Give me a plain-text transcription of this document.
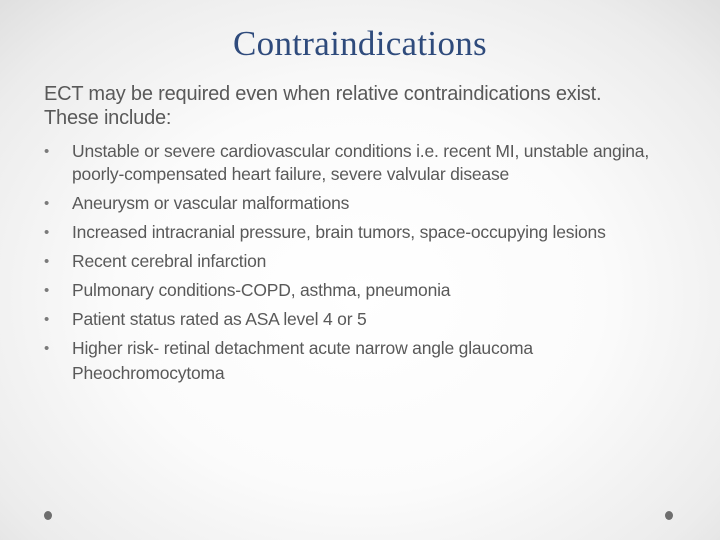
Contraindications

ECT may be required even when relative contraindications exist.
These include:

• Unstable or severe cardiovascular conditions i.e. recent MI, unstable angina, poorly-compensated heart failure, severe valvular disease
• Aneurysm or vascular malformations
• Increased intracranial pressure, brain tumors, space-occupying lesions
• Recent cerebral infarction
• Pulmonary conditions-COPD, asthma, pneumonia
• Patient status rated as ASA level 4 or 5
• Higher risk- retinal detachment acute narrow angle glaucoma
Pheochromocytoma
